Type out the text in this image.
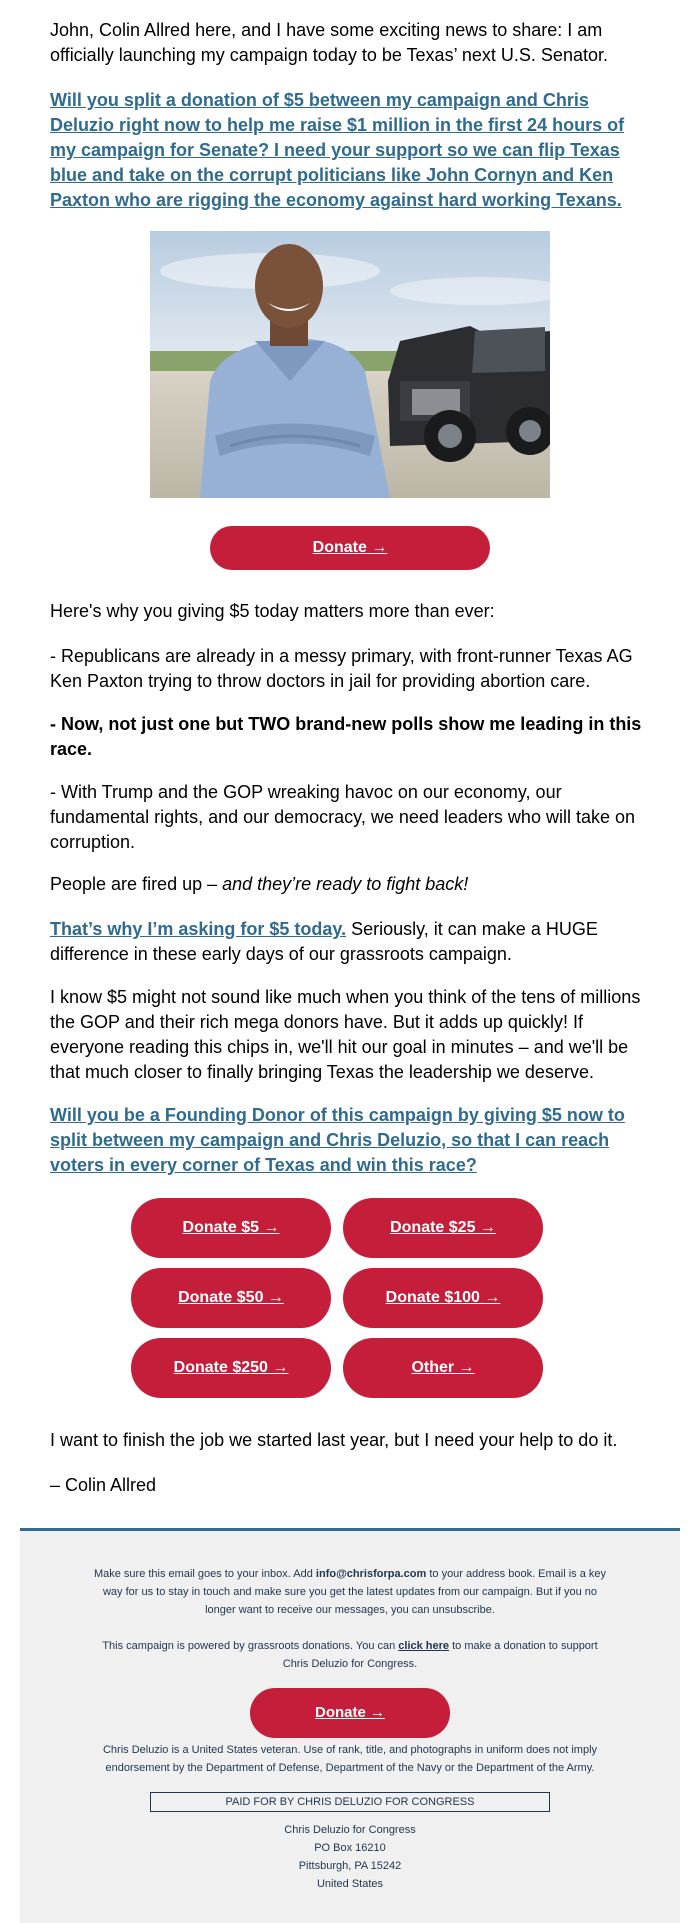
John, Colin Allred here, and I have some exciting news to share: I am officially launching my campaign today to be Texas’ next U.S. Senator.

Will you split a donation of $5 between my campaign and Chris Deluzio right now to help me raise $1 million in the first 24 hours of my campaign for Senate? I need your support so we can flip Texas blue and take on the corrupt politicians like John Cornyn and Ken Paxton who are rigging the economy against hard working Texans.

Donate →

Here's why you giving $5 today matters more than ever:

- Republicans are already in a messy primary, with front-runner Texas AG Ken Paxton trying to throw doctors in jail for providing abortion care.

- Now, not just one but TWO brand-new polls show me leading in this race.

- With Trump and the GOP wreaking havoc on our economy, our fundamental rights, and our democracy, we need leaders who will take on corruption.

People are fired up – and they’re ready to fight back!

That’s why I’m asking for $5 today. Seriously, it can make a HUGE difference in these early days of our grassroots campaign.

I know $5 might not sound like much when you think of the tens of millions the GOP and their rich mega donors have. But it adds up quickly! If everyone reading this chips in, we'll hit our goal in minutes – and we'll be that much closer to finally bringing Texas the leadership we deserve.

Will you be a Founding Donor of this campaign by giving $5 now to split between my campaign and Chris Deluzio, so that I can reach voters in every corner of Texas and win this race?

Donate $5 →	Donate $25 →
Donate $50 →	Donate $100 →
Donate $250 →	Other →

I want to finish the job we started last year, but I need your help to do it.

– Colin Allred

Make sure this email goes to your inbox. Add info@chrisforpa.com to your address book. Email is a key way for us to stay in touch and make sure you get the latest updates from our campaign. But if you no longer want to receive our messages, you can unsubscribe.
This campaign is powered by grassroots donations. You can click here to make a donation to support Chris Deluzio for Congress.
Donate →
Chris Deluzio is a United States veteran. Use of rank, title, and photographs in uniform does not imply endorsement by the Department of Defense, Department of the Navy or the Department of the Army.
PAID FOR BY CHRIS DELUZIO FOR CONGRESS
Chris Deluzio for Congress
PO Box 16210
Pittsburgh, PA 15242
United States
